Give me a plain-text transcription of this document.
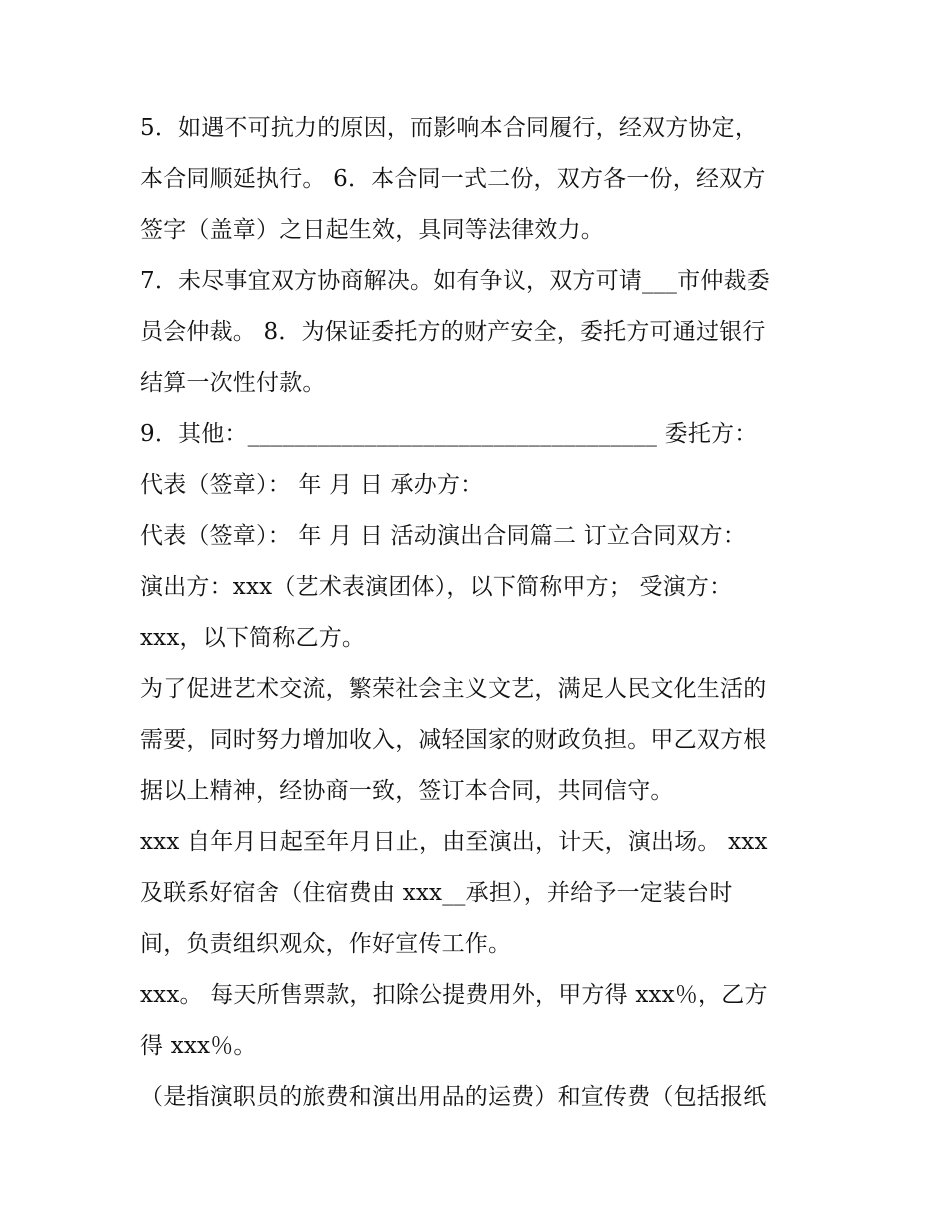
5．如遇不可抗力的原因，而影响本合同履行，经双方协定，
本合同顺延执行。 6．本合同一式二份，双方各一份，经双方
签字（盖章）之日起生效，具同等法律效力。
7．未尽事宜双方协商解决。如有争议，双方可请___市仲裁委
员会仲裁。 8．为保证委托方的财产安全，委托方可通过银行
结算一次性付款。
9．其他：___________________________________ 委托方：
代表（签章）： 年 月 日 承办方：
代表（签章）： 年 月 日 活动演出合同篇二 订立合同双方：
演出方：xxx（艺术表演团体），以下简称甲方； 受演方：
xxx，以下简称乙方。
为了促进艺术交流，繁荣社会主义文艺，满足人民文化生活的
需要，同时努力增加收入，减轻国家的财政负担。甲乙双方根
据以上精神，经协商一致，签订本合同，共同信守。
xxx 自年月日起至年月日止，由至演出，计天，演出场。 xxx
及联系好宿舍（住宿费由 xxx__承担），并给予一定装台时
间，负责组织观众，作好宣传工作。
xxx。 每天所售票款，扣除公提费用外，甲方得 xxx％，乙方
得 xxx％。
（是指演职员的旅费和演出用品的运费）和宣传费（包括报纸
